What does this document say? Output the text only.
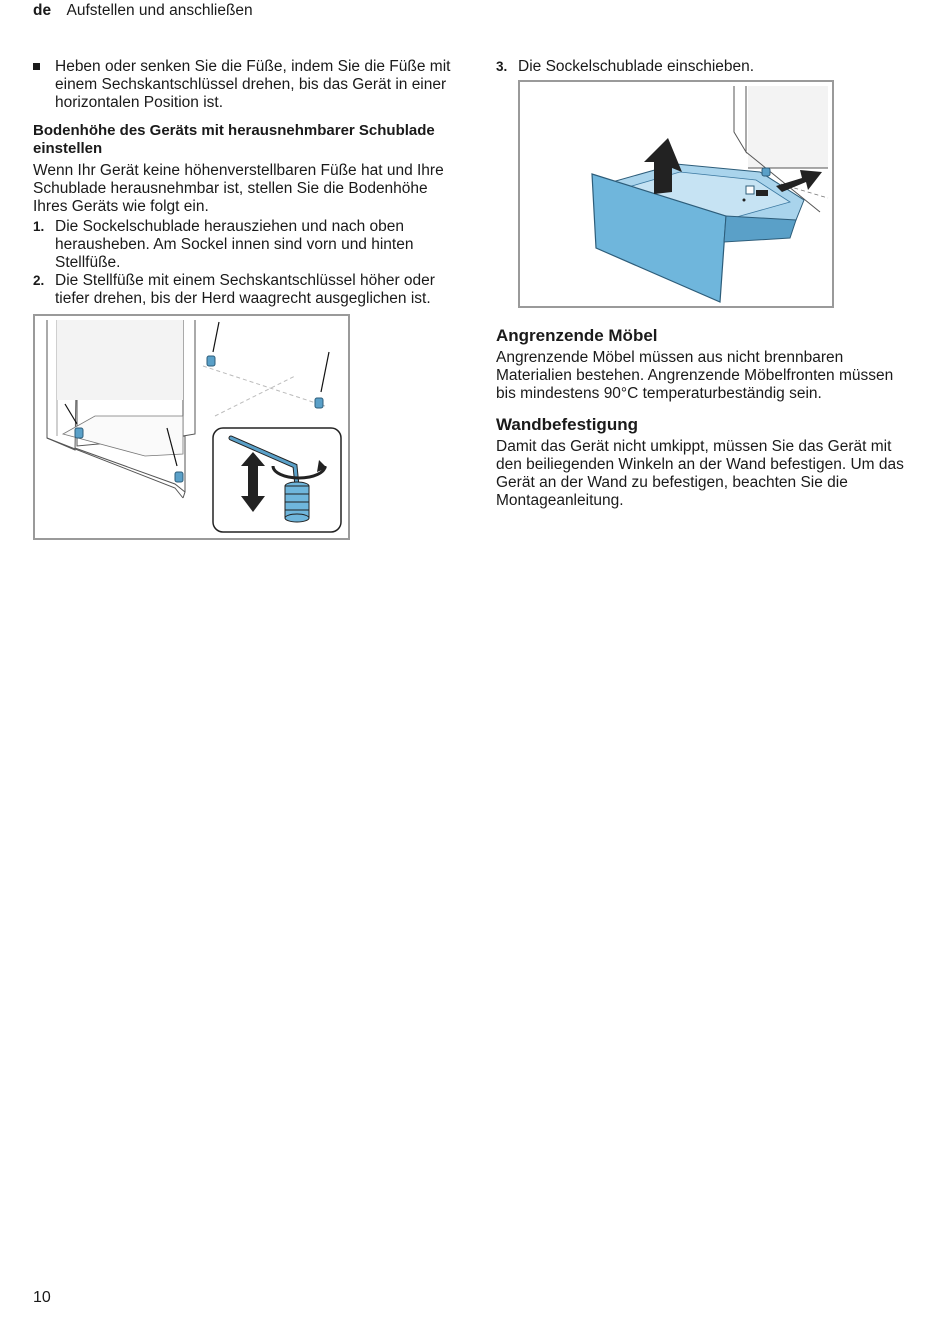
de Aufstellen und anschließen

Heben oder senken Sie die Füße, indem Sie die Füße mit einem Sechskantschlüssel drehen, bis das Gerät in einer horizontalen Position ist.

Bodenhöhe des Geräts mit herausnehmbarer Schublade einstellen

Wenn Ihr Gerät keine höhenverstellbaren Füße hat und Ihre Schublade herausnehmbar ist, stellen Sie die Bodenhöhe Ihres Geräts wie folgt ein.

1. Die Sockelschublade herausziehen und nach oben herausheben. Am Sockel innen sind vorn und hinten Stellfüße.

2. Die Stellfüße mit einem Sechskantschlüssel höher oder tiefer drehen, bis der Herd waagrecht ausgeglichen ist.

3. Die Sockelschublade einschieben.

Angrenzende Möbel

Angrenzende Möbel müssen aus nicht brennbaren Materialien bestehen. Angrenzende Möbelfronten müssen bis mindestens 90°C temperaturbeständig sein.

Wandbefestigung

Damit das Gerät nicht umkippt, müssen Sie das Gerät mit den beiliegenden Winkeln an der Wand befestigen. Um das Gerät an der Wand zu befestigen, beachten Sie die Montageanleitung.

10
